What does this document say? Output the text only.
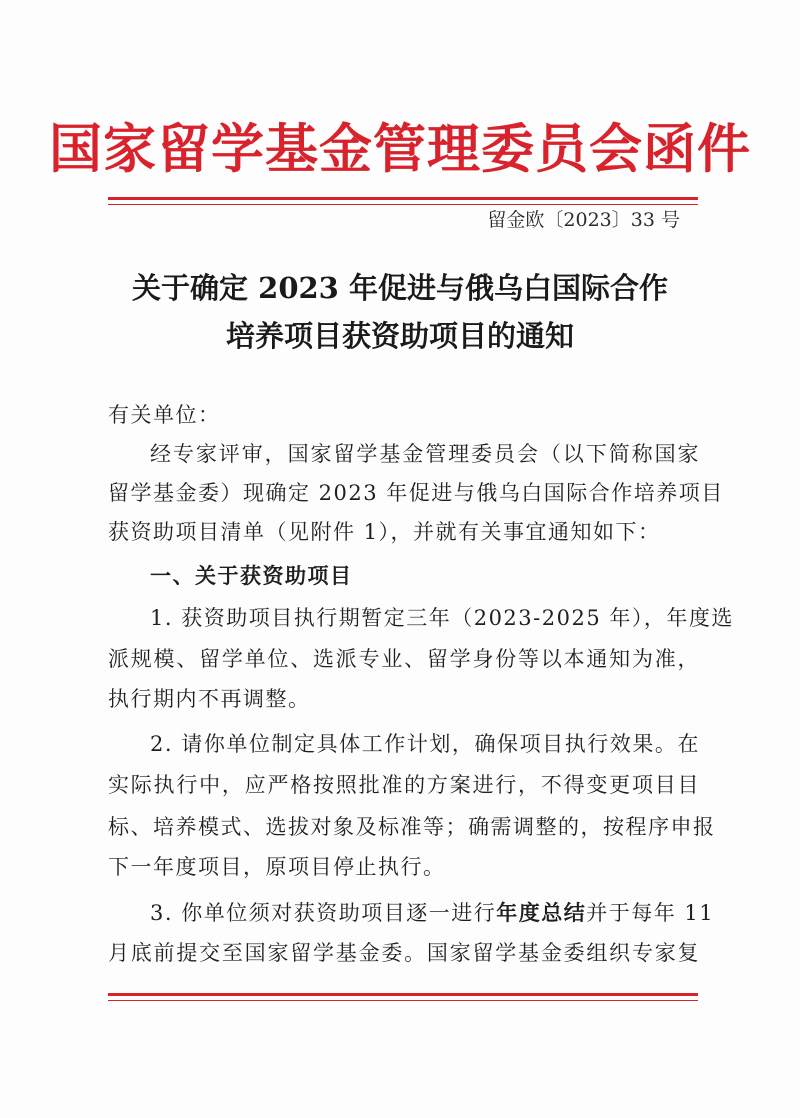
国家留学基金管理委员会函件
留金欧〔2023〕33 号
关于确定 2023 年促进与俄乌白国际合作
培养项目获资助项目的通知
有关单位：
经专家评审，国家留学基金管理委员会（以下简称国家
留学基金委）现确定 2023 年促进与俄乌白国际合作培养项目
获资助项目清单（见附件 1），并就有关事宜通知如下：
一、关于获资助项目
1. 获资助项目执行期暂定三年（2023-2025 年），年度选
派规模、留学单位、选派专业、留学身份等以本通知为准，
执行期内不再调整。
2. 请你单位制定具体工作计划，确保项目执行效果。在
实际执行中，应严格按照批准的方案进行，不得变更项目目
标、培养模式、选拔对象及标准等；确需调整的，按程序申报
下一年度项目，原项目停止执行。
3. 你单位须对获资助项目逐一进行年度总结并于每年 11
月底前提交至国家留学基金委。国家留学基金委组织专家复
